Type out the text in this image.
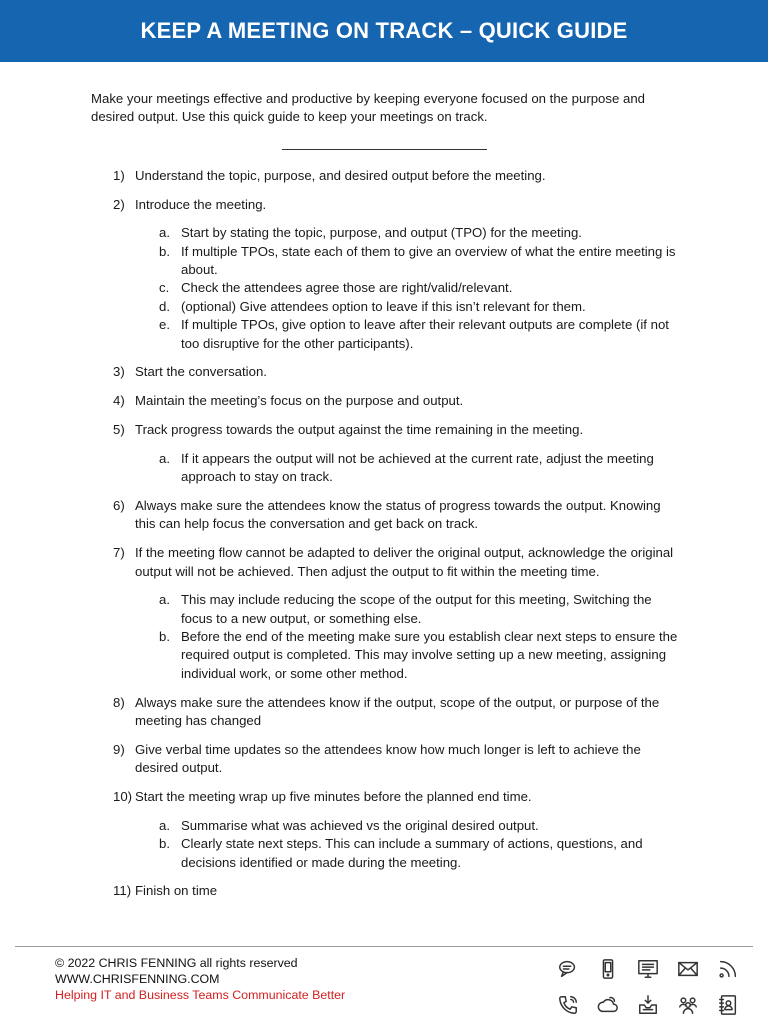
KEEP A MEETING ON TRACK – QUICK GUIDE

Make your meetings effective and productive by keeping everyone focused on the purpose and desired output. Use this quick guide to keep your meetings on track.

1) Understand the topic, purpose, and desired output before the meeting.
2) Introduce the meeting.
a. Start by stating the topic, purpose, and output (TPO) for the meeting.
b. If multiple TPOs, state each of them to give an overview of what the entire meeting is about.
c. Check the attendees agree those are right/valid/relevant.
d. (optional) Give attendees option to leave if this isn’t relevant for them.
e. If multiple TPOs, give option to leave after their relevant outputs are complete (if not too disruptive for the other participants).
3) Start the conversation.
4) Maintain the meeting’s focus on the purpose and output.
5) Track progress towards the output against the time remaining in the meeting.
a. If it appears the output will not be achieved at the current rate, adjust the meeting approach to stay on track.
6) Always make sure the attendees know the status of progress towards the output. Knowing this can help focus the conversation and get back on track.
7) If the meeting flow cannot be adapted to deliver the original output, acknowledge the original output will not be achieved. Then adjust the output to fit within the meeting time.
a. This may include reducing the scope of the output for this meeting, Switching the focus to a new output, or something else.
b. Before the end of the meeting make sure you establish clear next steps to ensure the required output is completed. This may involve setting up a new meeting, assigning individual work, or some other method.
8) Always make sure the attendees know if the output, scope of the output, or purpose of the meeting has changed
9) Give verbal time updates so the attendees know how much longer is left to achieve the desired output.
10) Start the meeting wrap up five minutes before the planned end time.
a. Summarise what was achieved vs the original desired output.
b. Clearly state next steps. This can include a summary of actions, questions, and decisions identified or made during the meeting.
11) Finish on time
© 2022 CHRIS FENNING all rights reserved
WWW.CHRISFENNING.COM
Helping IT and Business Teams Communicate Better
